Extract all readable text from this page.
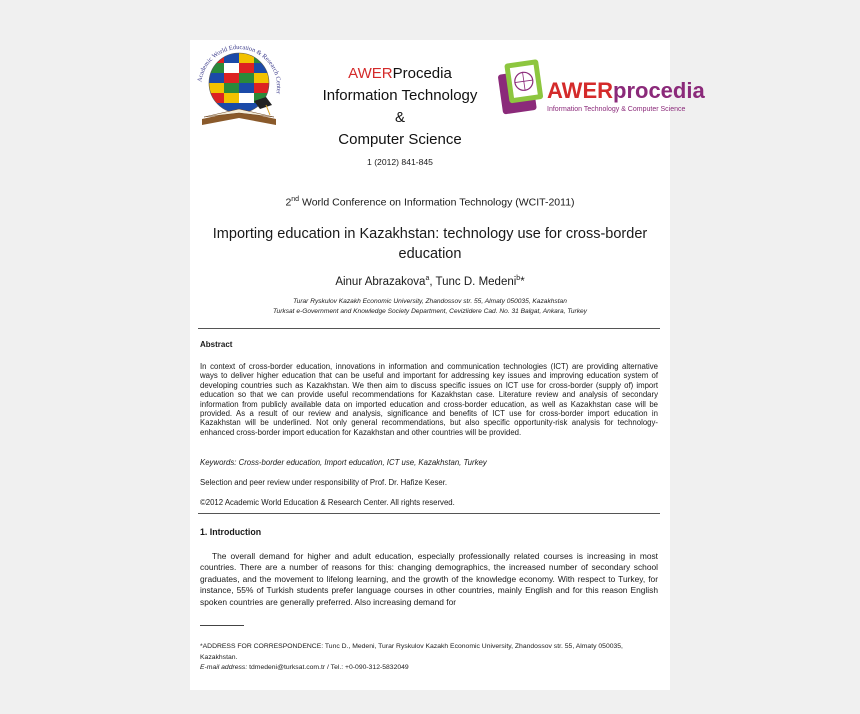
Academic World Education & Research Center
AWERProcedia
Information Technology
&
Computer Science
1 (2012) 841-845
AWERprocedia
Information Technology & Computer Science
2nd World Conference on Information Technology (WCIT-2011)
Importing education in Kazakhstan: technology use for cross-border education
Ainur Abrazakova$^a$, Tunc D. Medeni$^b$*
Turar Ryskulov Kazakh Economic University, Zhandossov str. 55, Almaty 050035, Kazakhstan
Turksat e-Government and Knowledge Society Department, Cevizlidere Cad. No. 31 Balgat, Ankara, Turkey
Abstract
In context of cross-border education, innovations in information and communication technologies (ICT) are providing alternative ways to deliver higher education that can be useful and important for addressing key issues and improving education system of developing countries such as Kazakhstan. We then aim to discuss specific issues on ICT use for cross-border (supply of) import education so that we can provide useful recommendations for Kazakhstan case. Literature review and analysis of secondary information from publicly available data on imported education and cross-border education, as well as Kazakhstan case will be provided. As a result of our review and analysis, significance and benefits of ICT use for cross-border import education in Kazakhstan will be underlined. Not only general recommendations, but also specific opportunity-risk analysis for technology-enhanced cross-border import education for Kazakhstan and other countries will be provided.
Keywords: Cross-border education, Import education, ICT use, Kazakhstan, Turkey
Selection and peer review under responsibility of Prof. Dr. Hafize Keser.
©2012 Academic World Education & Research Center. All rights reserved.
1. Introduction
The overall demand for higher and adult education, especially professionally related courses is increasing in most countries. There are a number of reasons for this: changing demographics, the increased number of secondary school graduates, and the movement to lifelong learning, and the growth of the knowledge economy. With respect to Turkey, for instance, 55% of Turkish students prefer language courses in other countries, mainly English and for this reason English spoken countries are generally preferred. Also increasing demand for
*ADDRESS FOR CORRESPONDENCE: Tunc D., Medeni, Turar Ryskulov Kazakh Economic University, Zhandossov str. 55, Almaty 050035, Kazakhstan.
E-mail address: tdmedeni@turksat.com.tr / Tel.: +0-090-312-5832049
